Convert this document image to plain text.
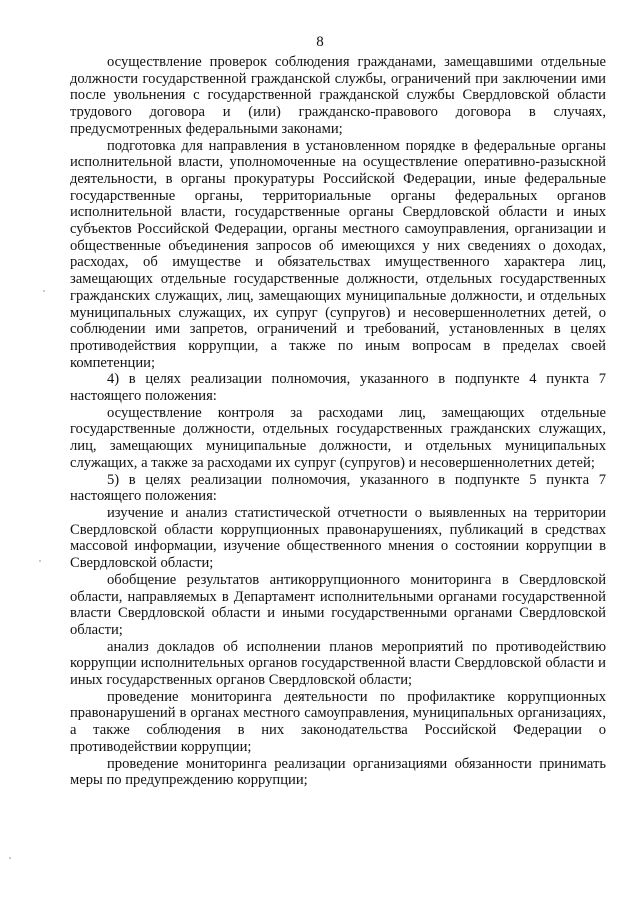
8

осуществление проверок соблюдения гражданами, замещавшими отдельные должности государственной гражданской службы, ограничений при заключении ими после увольнения с государственной гражданской службы Свердловской области трудового договора и (или) гражданско-правового договора в случаях, предусмотренных федеральными законами;

подготовка для направления в установленном порядке в федеральные органы исполнительной власти, уполномоченные на осуществление оперативно-разыскной деятельности, в органы прокуратуры Российской Федерации, иные федеральные государственные органы, территориальные органы федеральных органов исполнительной власти, государственные органы Свердловской области и иных субъектов Российской Федерации, органы местного самоуправления, организации и общественные объединения запросов об имеющихся у них сведениях о доходах, расходах, об имуществе и обязательствах имущественного характера лиц, замещающих отдельные государственные должности, отдельных государственных гражданских служащих, лиц, замещающих муниципальные должности, и отдельных муниципальных служащих, их супруг (супругов) и несовершеннолетних детей, о соблюдении ими запретов, ограничений и требований, установленных в целях противодействия коррупции, а также по иным вопросам в пределах своей компетенции;

4) в целях реализации полномочия, указанного в подпункте 4 пункта 7 настоящего положения:

осуществление контроля за расходами лиц, замещающих отдельные государственные должности, отдельных государственных гражданских служащих, лиц, замещающих муниципальные должности, и отдельных муниципальных служащих, а также за расходами их супруг (супругов) и несовершеннолетних детей;

5) в целях реализации полномочия, указанного в подпункте 5 пункта 7 настоящего положения:

изучение и анализ статистической отчетности о выявленных на территории Свердловской области коррупционных правонарушениях, публикаций в средствах массовой информации, изучение общественного мнения о состоянии коррупции в Свердловской области;

обобщение результатов антикоррупционного мониторинга в Свердловской области, направляемых в Департамент исполнительными органами государственной власти Свердловской области и иными государственными органами Свердловской области;

анализ докладов об исполнении планов мероприятий по противодействию коррупции исполнительных органов государственной власти Свердловской области и иных государственных органов Свердловской области;

проведение мониторинга деятельности по профилактике коррупционных правонарушений в органах местного самоуправления, муниципальных организациях, а также соблюдения в них законодательства Российской Федерации о противодействии коррупции;

проведение мониторинга реализации организациями обязанности принимать меры по предупреждению коррупции;
